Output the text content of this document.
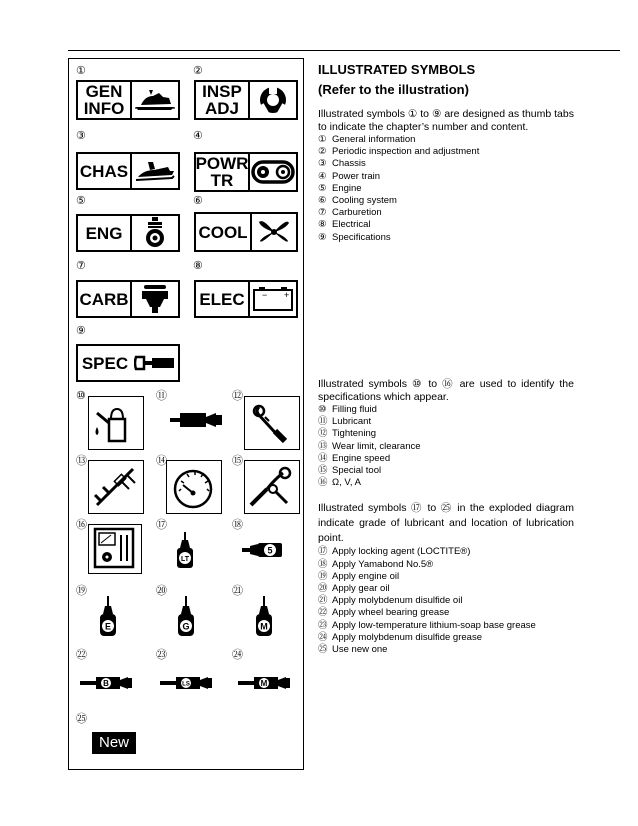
①
GEN
INFO
②
INSP
ADJ
③
CHAS
④
POWR
TR
⑤
ENG
⑥
COOL
⑦
CARB
⑧
ELEC	− +
⑨
SPEC
⑩	⑪	⑫
⑬	⑭	⑮
⑯	⑰
LT
⑱
5
⑲
E
⑳
G
㉑
M
㉒
B
㉓
LS
㉔
M
㉕
New
ILLUSTRATED SYMBOLS
(Refer to the illustration)
Illustrated symbols ① to ⑨ are designed as thumb tabs to indicate the chapter’s number and content.
① General information
② Periodic inspection and adjustment
③ Chassis
④ Power train
⑤ Engine
⑥ Cooling system
⑦ Carburetion
⑧ Electrical
⑨ Specifications
Illustrated symbols ⑩ to ⑯ are used to identify the specifications which appear.
⑩ Filling fluid
⑪ Lubricant
⑫ Tightening
⑬ Wear limit, clearance
⑭ Engine speed
⑮ Special tool
⑯ Ω, V, A
Illustrated symbols ⑰ to ㉕ in the exploded diagram indicate grade of lubricant and location of lubrication point.
⑰ Apply locking agent (LOCTITE®)
⑱ Apply Yamabond No.5®
⑲ Apply engine oil
⑳ Apply gear oil
㉑ Apply molybdenum disulfide oil
㉒ Apply wheel bearing grease
㉓ Apply low-temperature lithium-soap base grease
㉔ Apply molybdenum disulfide grease
㉕ Use new one
